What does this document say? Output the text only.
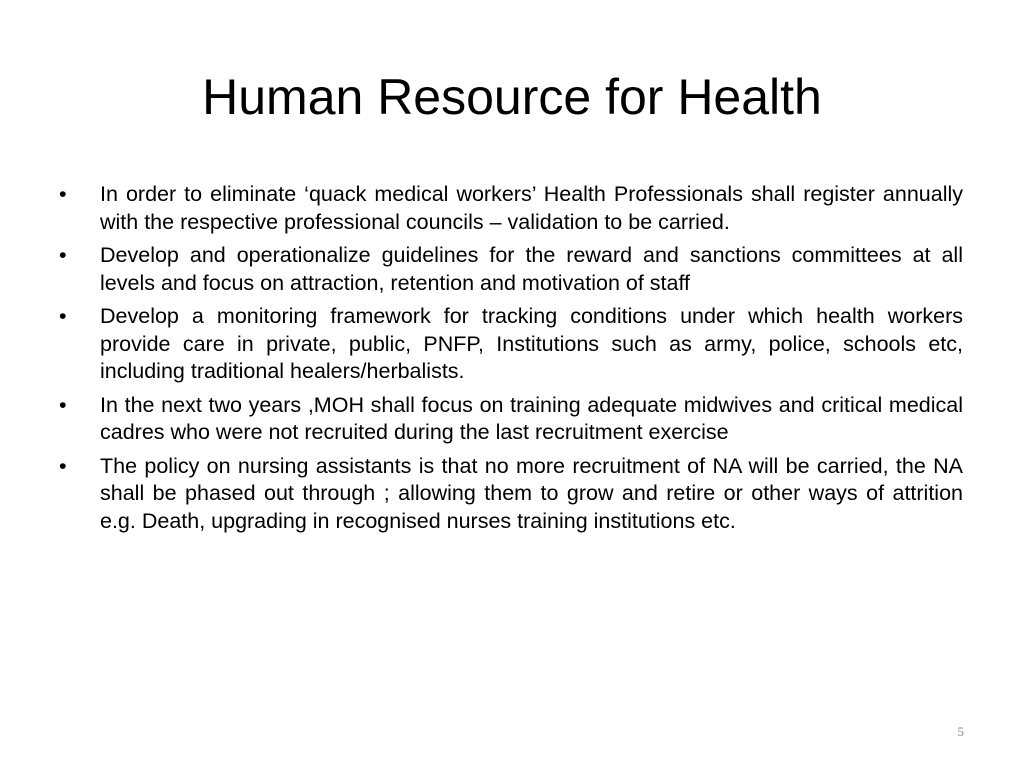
Human Resource for Health
•	In order to eliminate ‘quack medical workers’ Health Professionals shall register annually with the respective professional councils – validation to be carried.
•	Develop and operationalize guidelines for the reward and sanctions committees at all levels and focus on attraction, retention and motivation of staff
•	Develop a monitoring framework for tracking conditions under which health workers provide care in private, public, PNFP, Institutions such as army, police, schools etc, including traditional healers/herbalists.
•	In the next two years ,MOH shall focus on training adequate midwives and critical medical cadres who were not recruited during the last recruitment exercise
•	The policy on nursing assistants is that no more recruitment of NA will be carried, the NA shall be phased out through ; allowing them to grow and retire or other ways of attrition e.g. Death, upgrading in recognised nurses training institutions etc.
5
